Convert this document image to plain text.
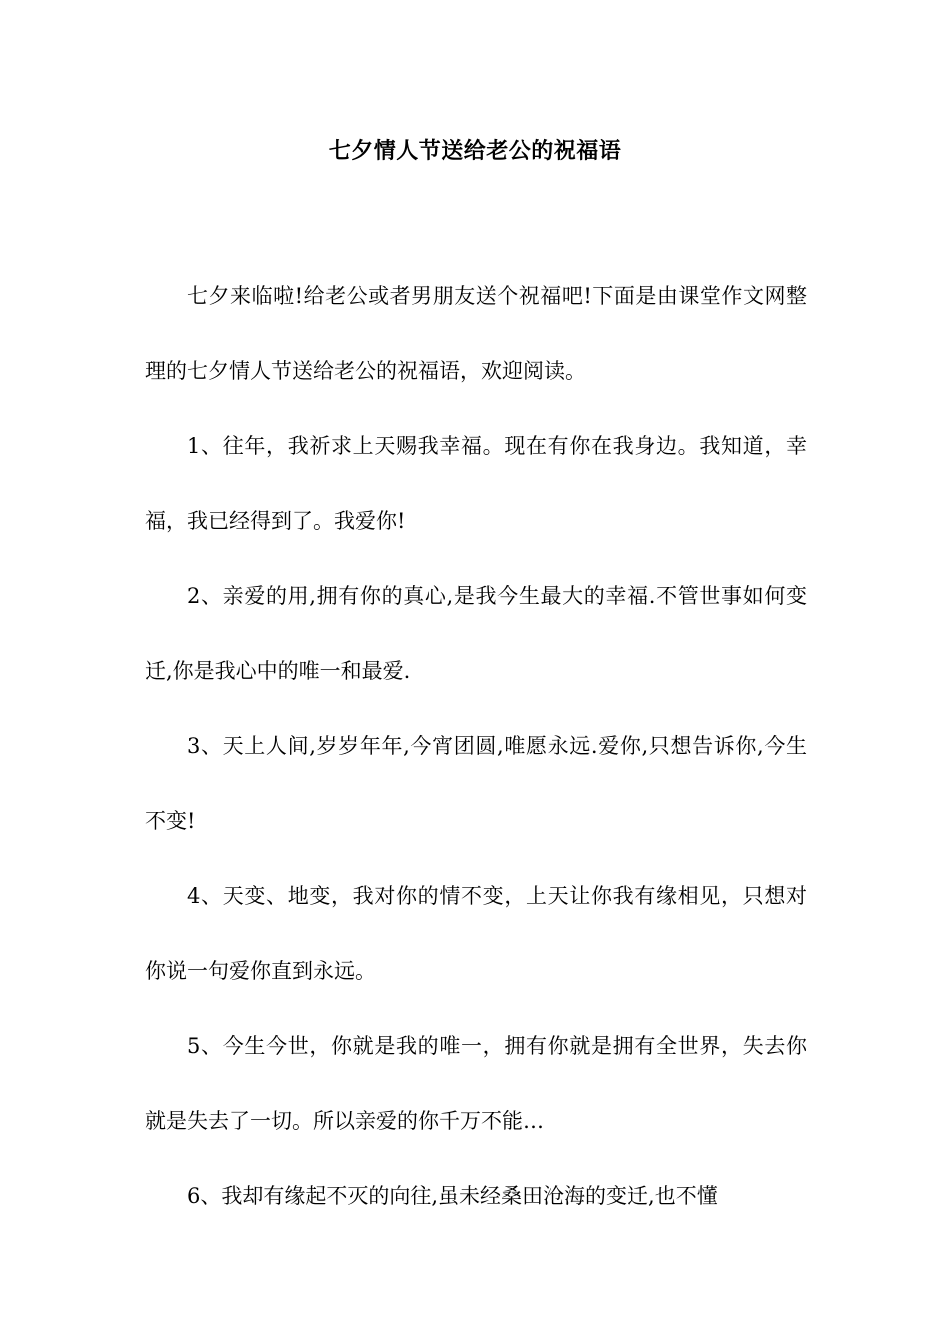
七夕情人节送给老公的祝福语

七夕来临啦!给老公或者男朋友送个祝福吧!下面是由课堂作文网整理的七夕情人节送给老公的祝福语，欢迎阅读。

1、往年，我祈求上天赐我幸福。现在有你在我身边。我知道，幸福，我已经得到了。我爱你!

2、亲爱的用,拥有你的真心,是我今生最大的幸福.不管世事如何变迁,你是我心中的唯一和最爱.

3、天上人间,岁岁年年,今宵团圆,唯愿永远.爱你,只想告诉你,今生不变!

4、天变、地变，我对你的情不变，上天让你我有缘相见，只想对你说一句爱你直到永远。

5、今生今世，你就是我的唯一，拥有你就是拥有全世界，失去你就是失去了一切。所以亲爱的你千万不能…

6、我却有缘起不灭的向往,虽未经桑田沧海的变迁,也不懂
